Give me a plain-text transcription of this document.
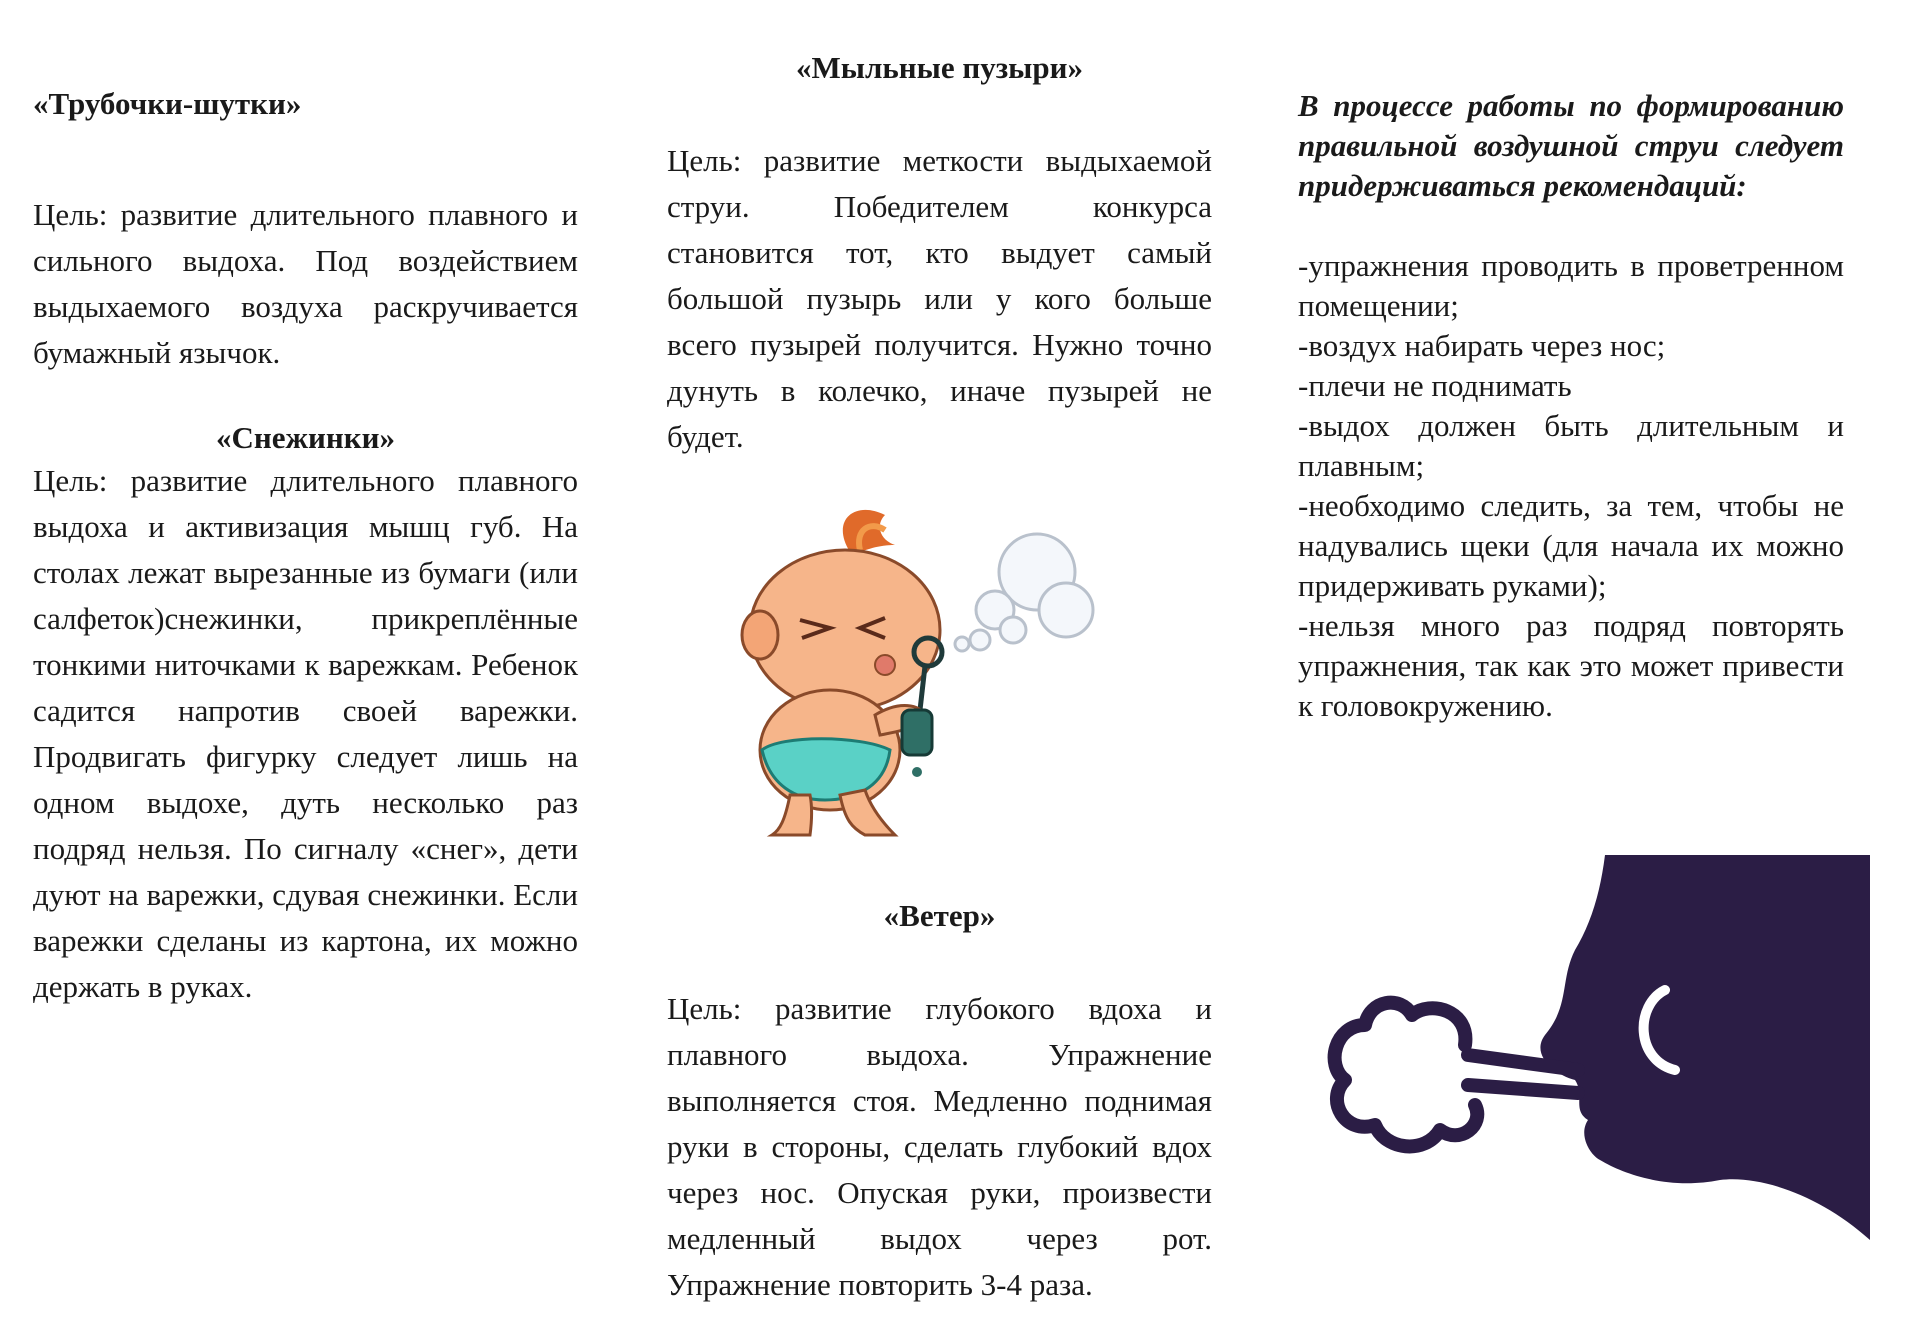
«Трубочки-шутки»

Цель: развитие длительного плавного и сильного выдоха. Под воздействием выдыхаемого воздуха раскручивается бумажный язычок.

«Снежинки»

Цель: развитие длительного плавного выдоха и активизация мышц губ. На столах лежат вырезанные из бумаги (или салфеток)снежинки, прикреплённые тонкими ниточками к варежкам. Ребенок садится напротив своей варежки. Продвигать фигурку следует лишь на одном выдохе, дуть несколько раз подряд нельзя. По сигналу «снег», дети дуют на варежки, сдувая снежинки. Если варежки сделаны из картона, их можно держать в руках.

«Мыльные пузыри»

Цель: развитие меткости выдыхаемой струи. Победителем конкурса становится тот, кто выдует самый большой пузырь или у кого больше всего пузырей получится. Нужно точно дунуть в колечко, иначе пузырей не будет.

«Ветер»

Цель: развитие глубокого вдоха и плавного выдоха. Упражнение выполняется стоя. Медленно поднимая руки в стороны, сделать глубокий вдох через нос. Опуская руки, произвести медленный выдох через рот. Упражнение повторить 3-4 раза.

В процессе работы по формированию правильной воздушной струи следует придерживаться рекомендаций:

-упражнения проводить в проветренном помещении;
-воздух набирать через нос;
-плечи не поднимать
-выдох должен быть длительным и плавным;
-необходимо следить, за тем, чтобы не надувались щеки (для начала их можно придерживать руками);
-нельзя много раз подряд повторять упражнения, так как это может привести к головокружению.
